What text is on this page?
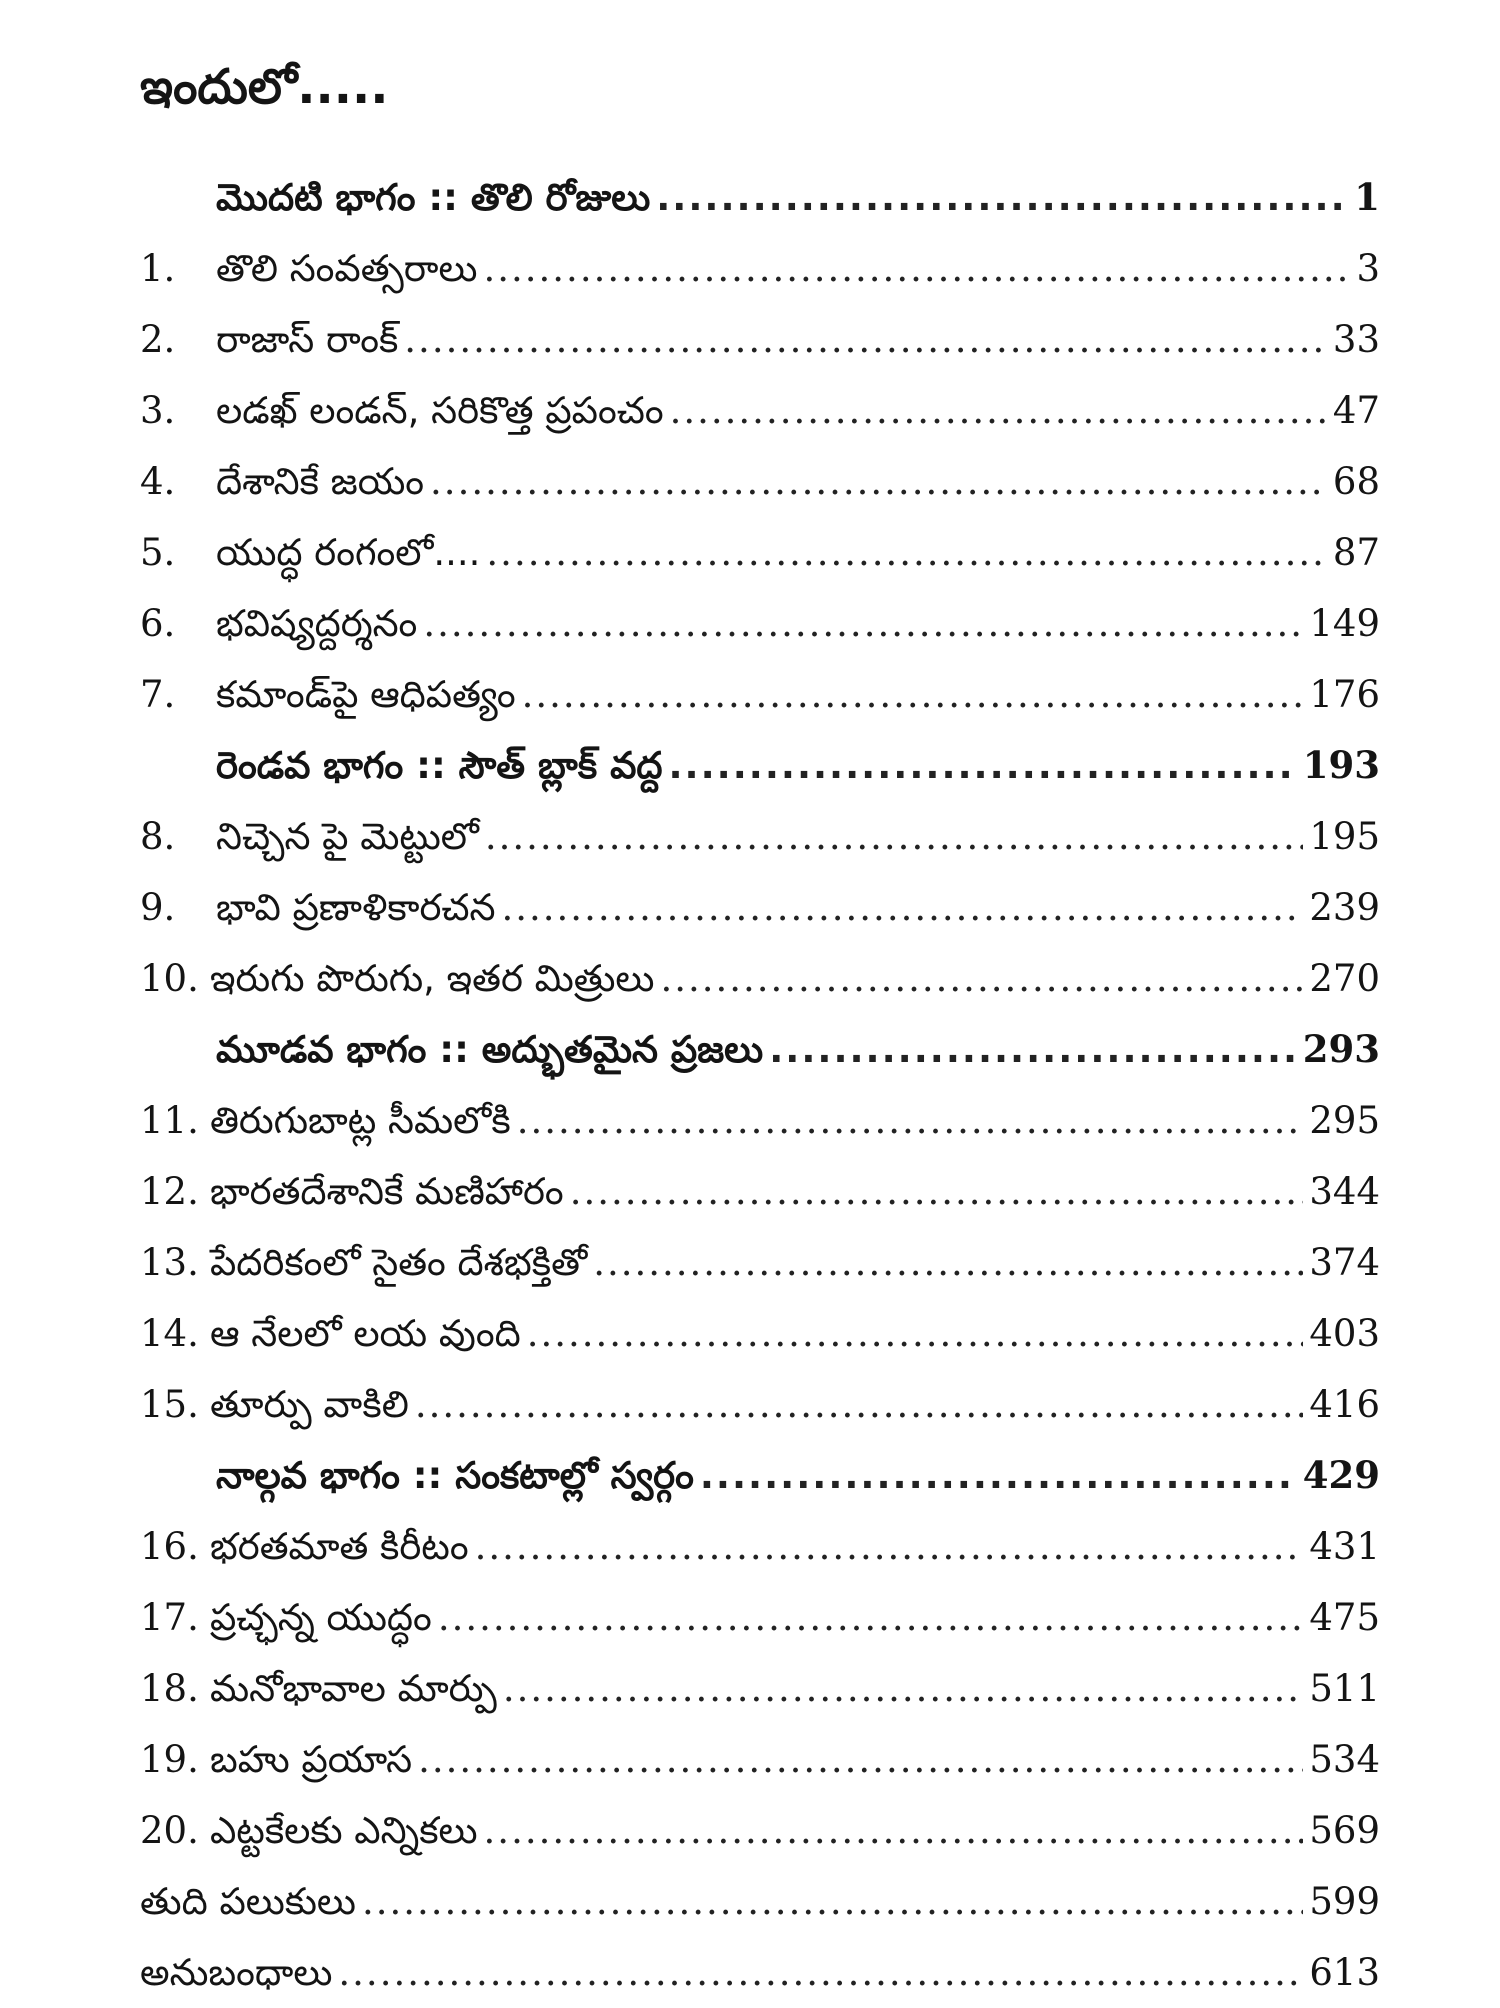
ఇందులో.....
మొదటి భాగం :: తొలి రోజులు .....	1
1.	తొలి సంవత్సరాలు .....	3
2.	రాజాస్ రాంక్ .....	33
3.	లడఖ్ లండన్, సరికొత్త ప్రపంచం .....	47
4.	దేశానికే జయం .....	68
5.	యుద్ధ రంగంలో.... .....	87
6.	భవిష్యద్దర్శనం .....	149
7.	కమాండ్‌పై ఆధిపత్యం .....	176
రెండవ భాగం :: సౌత్ బ్లాక్ వద్ద .....	193
8.	నిచ్చెన పై మెట్టులో .....	195
9.	భావి ప్రణాళికారచన .....	239
10. ఇరుగు పొరుగు, ఇతర మిత్రులు .....	270
మూడవ భాగం :: అద్భుతమైన ప్రజలు .....	293
11. తిరుగుబాట్ల సీమలోకి .....	295
12. భారతదేశానికే మణిహారం .....	344
13. పేదరికంలో సైతం దేశభక్తితో .....	374
14. ఆ నేలలో లయ వుంది .....	403
15. తూర్పు వాకిలి .....	416
నాల్గవ భాగం :: సంకటాల్లో స్వర్గం .....	429
16. భరతమాత కిరీటం .....	431
17. ప్రచ్ఛన్న యుద్ధం .....	475
18. మనోభావాల మార్పు .....	511
19. బహు ప్రయాస .....	534
20. ఎట్టకేలకు ఎన్నికలు .....	569
తుది పలుకులు .....	599
అనుబంధాలు .....	613
